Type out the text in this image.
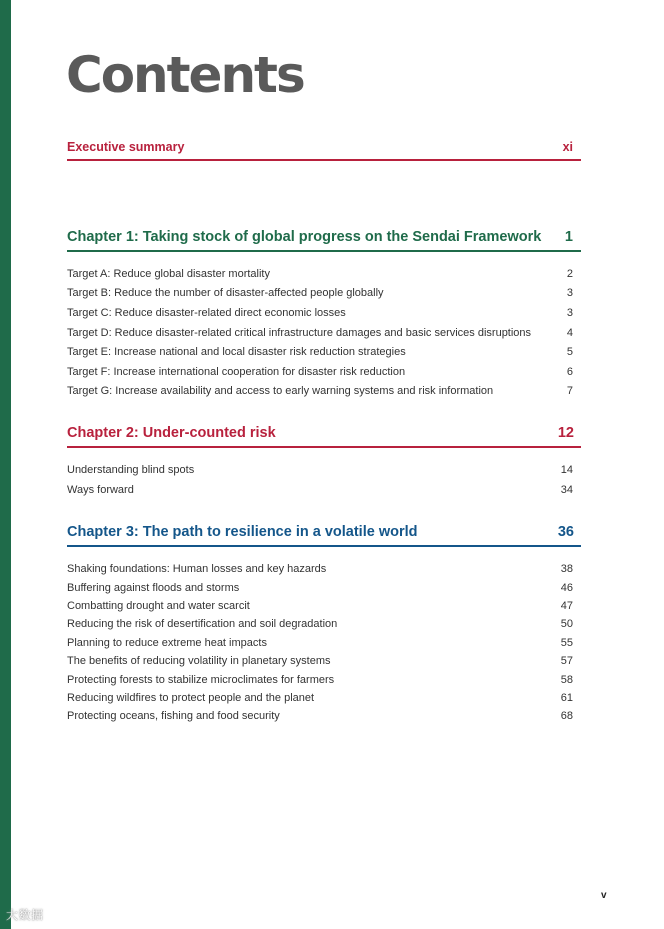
Contents
Executive summary	xi
Chapter 1: Taking stock of global progress on the Sendai Framework 1
Target A: Reduce global disaster mortality	2
Target B: Reduce the number of disaster-affected people globally	3
Target C: Reduce disaster-related direct economic losses	3
Target D: Reduce disaster-related critical infrastructure damages and basic services disruptions	4
Target E: Increase national and local disaster risk reduction strategies	5
Target F: Increase international cooperation for disaster risk reduction	6
Target G: Increase availability and access to early warning systems and risk information	7
Chapter 2: Under-counted risk	12
Understanding blind spots	14
Ways forward	34
Chapter 3: The path to resilience in a volatile world	36
Shaking foundations: Human losses and key hazards	38
Buffering against floods and storms	46
Combatting drought and water scarcit	47
Reducing the risk of desertification and soil degradation	50
Planning to reduce extreme heat impacts	55
The benefits of reducing volatility in planetary systems	57
Protecting forests to stabilize microclimates for farmers	58
Reducing wildfires to protect people and the planet	61
Protecting oceans, fishing and food security	68
v
大数据
